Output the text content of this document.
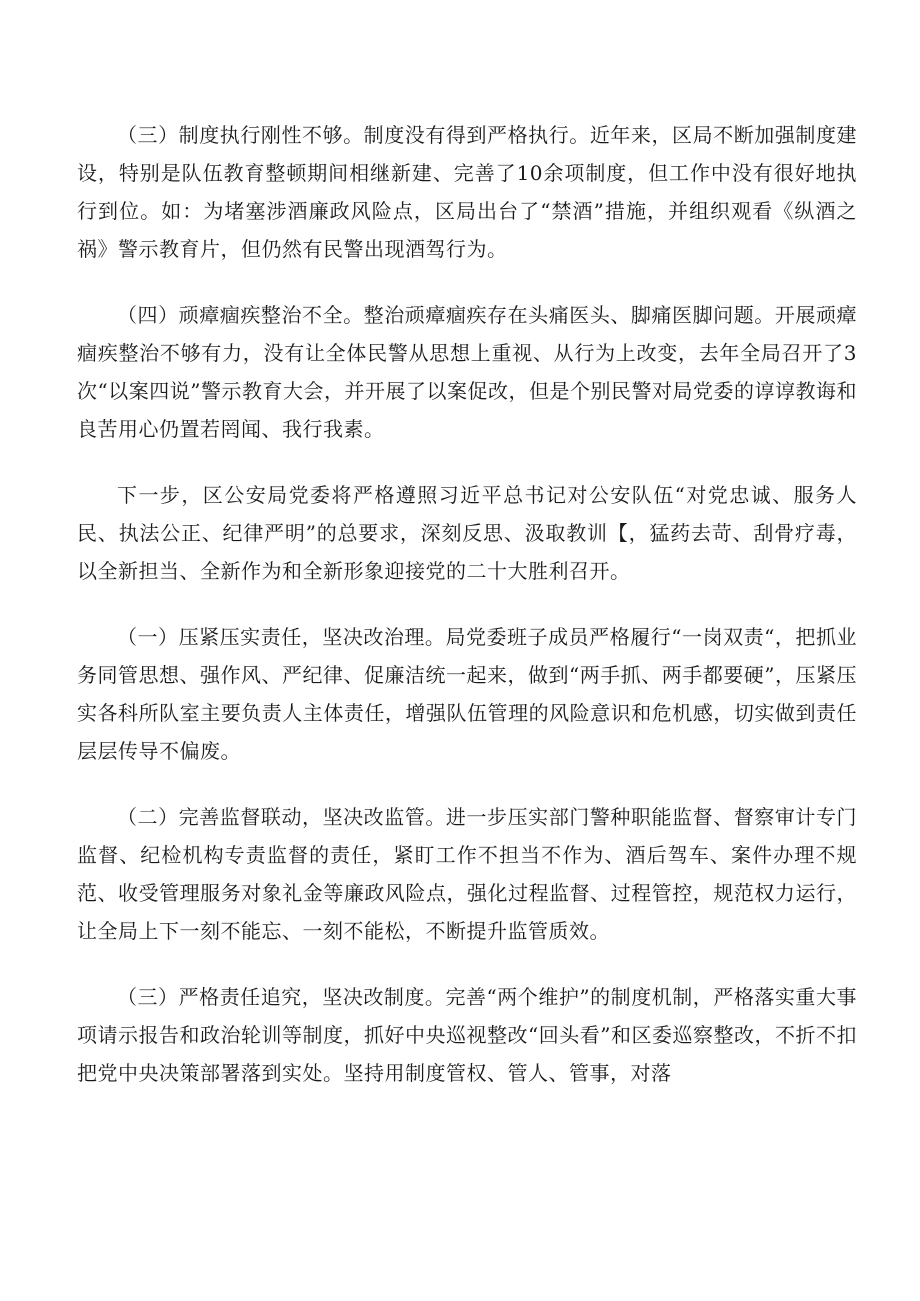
（三）制度执行刚性不够。制度没有得到严格执行。近年来，区局不断加强制度建设，特别是队伍教育整顿期间相继新建、完善了10余项制度，但工作中没有很好地执行到位。如：为堵塞涉酒廉政风险点，区局出台了“禁酒”措施，并组织观看《纵酒之祸》警示教育片，但仍然有民警出现酒驾行为。

（四）顽瘴痼疾整治不全。整治顽瘴痼疾存在头痛医头、脚痛医脚问题。开展顽瘴痼疾整治不够有力，没有让全体民警从思想上重视、从行为上改变，去年全局召开了3次“以案四说”警示教育大会，并开展了以案促改，但是个别民警对局党委的谆谆教诲和良苦用心仍置若罔闻、我行我素。

下一步，区公安局党委将严格遵照习近平总书记对公安队伍“对党忠诚、服务人民、执法公正、纪律严明”的总要求，深刻反思、汲取教训【，猛药去苛、刮骨疗毒，以全新担当、全新作为和全新形象迎接党的二十大胜利召开。

（一）压紧压实责任，坚决改治理。局党委班子成员严格履行“一岗双责“，把抓业务同管思想、强作风、严纪律、促廉洁统一起来，做到“两手抓、两手都要硬”，压紧压实各科所队室主要负责人主体责任，增强队伍管理的风险意识和危机感，切实做到责任层层传导不偏废。

（二）完善监督联动，坚决改监管。进一步压实部门警种职能监督、督察审计专门监督、纪检机构专责监督的责任，紧盯工作不担当不作为、酒后驾车、案件办理不规范、收受管理服务对象礼金等廉政风险点，强化过程监督、过程管控，规范权力运行，让全局上下一刻不能忘、一刻不能松，不断提升监管质效。

（三）严格责任追究，坚决改制度。完善“两个维护”的制度机制，严格落实重大事项请示报告和政治轮训等制度，抓好中央巡视整改“回头看”和区委巡察整改，不折不扣把党中央决策部署落到实处。坚持用制度管权、管人、管事，对落
